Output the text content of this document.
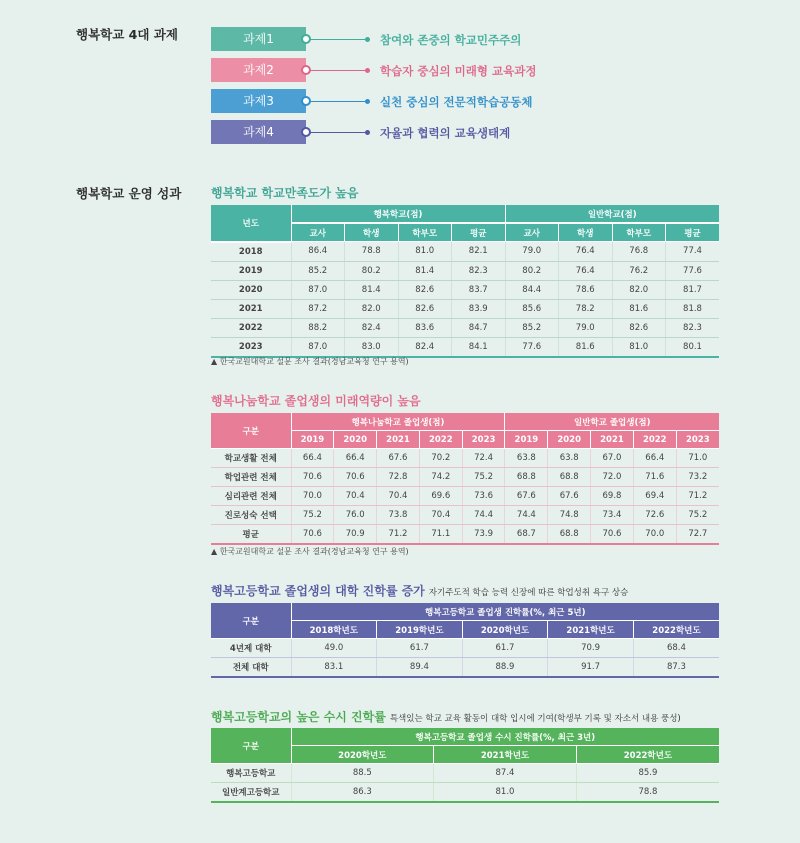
행복학교 4대 과제	과제1	참여와 존중의 학교민주주의
과제2	학습자 중심의 미래형 교육과정
과제3	실천 중심의 전문적학습공동체
과제4	자율과 협력의 교육생태계
행복학교 운영 성과 행복학교 학교만족도가 높음
년도	행복학교(점)				일반학교(점)			
	교사	학생	학부모	평균	교사	학생	학부모	평균
2018	86.4	78.8	81.0	82.1	79.0	76.4	76.8	77.4
2019	85.2	80.2	81.4	82.3	80.2	76.4	76.2	77.6
2020	87.0	81.4	82.6	83.7	84.4	78.6	82.0	81.7
2021	87.2	82.0	82.6	83.9	85.6	78.2	81.6	81.8
2022	88.2	82.4	83.6	84.7	85.2	79.0	82.6	82.3
2023	87.0	83.0	82.4	84.1	77.6	81.6	81.0	80.1
▲ 한국교원대학교 설문 조사 결과(경남교육청 연구 용역)
행복나눔학교 졸업생의 미래역량이 높음
구분	행복나눔학교 졸업생(점)					일반학교 졸업생(점)				
	2019	2020	2021	2022	2023	2019	2020	2021	2022	2023
학교생활 전체	66.4	66.4	67.6	70.2	72.4	63.8	63.8	67.0	66.4	71.0
학업관련 전체	70.6	70.6	72.8	74.2	75.2	68.8	68.8	72.0	71.6	73.2
심리관련 전체	70.0	70.4	70.4	69.6	73.6	67.6	67.6	69.8	69.4	71.2
진로성숙 선택	75.2	76.0	73.8	70.4	74.4	74.4	74.8	73.4	72.6	75.2
평균	70.6	70.9	71.2	71.1	73.9	68.7	68.8	70.6	70.0	72.7
▲ 한국교원대학교 설문 조사 결과(경남교육청 연구 용역)
행복고등학교 졸업생의 대학 진학률 증가 자기주도적 학습 능력 신장에 따른 학업성취 욕구 상승
구분	행복고등학교 졸업생 진학률(%, 최근 5년)				
	2018학년도	2019학년도	2020학년도	2021학년도	2022학년도
4년제 대학	49.0	61.7	61.7	70.9	68.4
전체 대학	83.1	89.4	88.9	91.7	87.3
행복고등학교의 높은 수시 진학률 특색있는 학교 교육 활동이 대학 입시에 기여(학생부 기록 및 자소서 내용 풍성)
구분	행복고등학교 졸업생 수시 진학률(%, 최근 3년)		
	2020학년도	2021학년도	2022학년도
행복고등학교	88.5	87.4	85.9
일반계고등학교	86.3	81.0	78.8
